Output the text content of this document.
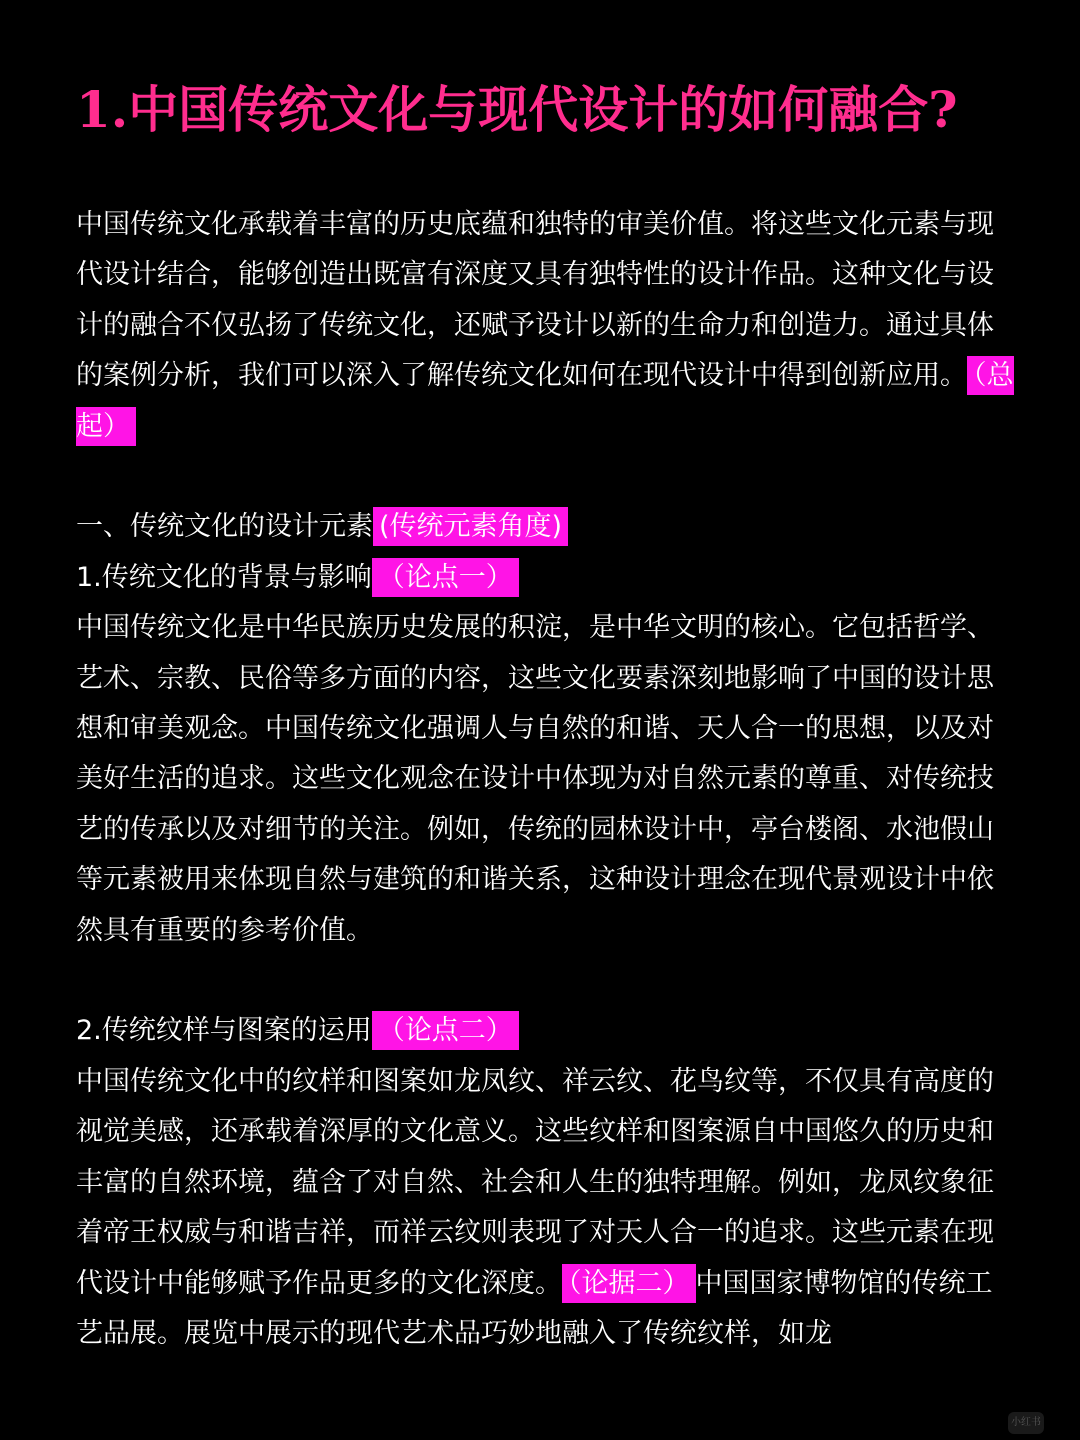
1.中国传统文化与现代设计的如何融合?

中国传统文化承载着丰富的历史底蕴和独特的审美价值。将这些文化元素与现代设计结合，能够创造出既富有深度又具有独特性的设计作品。这种文化与设计的融合不仅弘扬了传统文化，还赋予设计以新的生命力和创造力。通过具体的案例分析，我们可以深入了解传统文化如何在现代设计中得到创新应用。 （总起）

一、传统文化的设计元素 (传统元素角度)

1.传统文化的背景与影响 （论点一）

中国传统文化是中华民族历史发展的积淀，是中华文明的核心。它包括哲学、艺术、宗教、民俗等多方面的内容，这些文化要素深刻地影响了中国的设计思想和审美观念。中国传统文化强调人与自然的和谐、天人合一的思想，以及对美好生活的追求。这些文化观念在设计中体现为对自然元素的尊重、对传统技艺的传承以及对细节的关注。例如，传统的园林设计中，亭台楼阁、水池假山等元素被用来体现自然与建筑的和谐关系，这种设计理念在现代景观设计中依然具有重要的参考价值。

2.传统纹样与图案的运用 （论点二）

中国传统文化中的纹样和图案如龙凤纹、祥云纹、花鸟纹等，不仅具有高度的视觉美感，还承载着深厚的文化意义。这些纹样和图案源自中国悠久的历史和丰富的自然环境，蕴含了对自然、社会和人生的独特理解。例如，龙凤纹象征着帝王权威与和谐吉祥，而祥云纹则表现了对天人合一的追求。这些元素在现代设计中能够赋予作品更多的文化深度。 （论据二） 中国国家博物馆的传统工艺品展。展览中展示的现代艺术品巧妙地融入了传统纹样，如龙

小红书
